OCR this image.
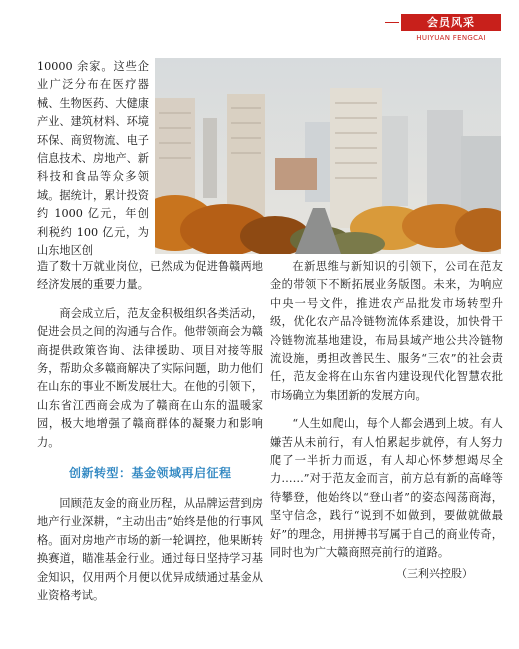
会员风采
HUIYUAN FENGCAI

10000 余家。这些企业广泛分布在医疗器械、生物医药、大健康产业、建筑材料、环境环保、商贸物流、电子信息技术、房地产、新科技和食品等众多领域。据统计，累计投资约 1000 亿元，年创利税约 100 亿元，为山东地区创

造了数十万就业岗位，已然成为促进鲁赣两地经济发展的重要力量。

商会成立后，范友金积极组织各类活动，促进会员之间的沟通与合作。他带领商会为赣商提供政策咨询、法律援助、项目对接等服务，帮助众多赣商解决了实际问题，助力他们在山东的事业不断发展壮大。在他的引领下，山东省江西商会成为了赣商在山东的温暖家园，极大地增强了赣商群体的凝聚力和影响力。

创新转型：基金领域再启征程

回顾范友金的商业历程，从品牌运营到房地产行业深耕，“主动出击”始终是他的行事风格。面对房地产市场的新一轮调控，他果断转换赛道，瞄准基金行业。通过每日坚持学习基金知识，仅用两个月便以优异成绩通过基金从业资格考试。

在新思维与新知识的引领下，公司在范友金的带领下不断拓展业务版图。未来，为响应中央一号文件，推进农产品批发市场转型升级，优化农产品冷链物流体系建设，加快骨干冷链物流基地建设，布局县域产地公共冷链物流设施，勇担改善民生、服务“三农”的社会责任，范友金将在山东省内建设现代化智慧农批市场确立为集团新的发展方向。

“人生如爬山，每个人都会遇到上坡。有人嫌苦从未前行，有人怕累起步就停，有人努力爬了一半折力而返，有人却心怀梦想竭尽全力……”对于范友金而言，前方总有新的高峰等待攀登，他始终以“登山者”的姿态闯荡商海，坚守信念，践行“说到不如做到，要做就做最好”的理念，用拼搏书写属于自己的商业传奇，同时也为广大赣商照亮前行的道路。

（三利兴控股）
